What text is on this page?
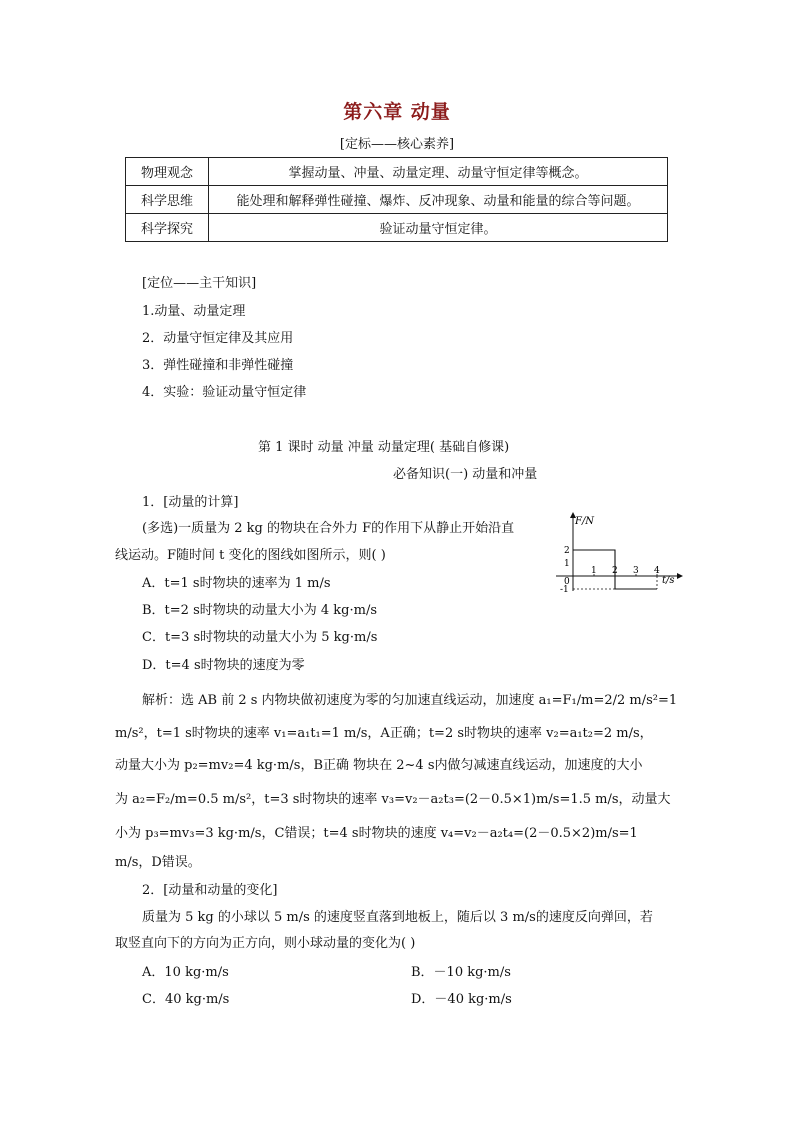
第六章 动量
[定标——核心素养]
物理观念	掌握动量、冲量、动量定理、动量守恒定律等概念。
科学思维	能处理和解释弹性碰撞、爆炸、反冲现象、动量和能量的综合等问题。
科学探究	验证动量守恒定律。
[定位——主干知识]
1.动量、动量定理
2．动量守恒定律及其应用
3．弹性碰撞和非弹性碰撞
4．实验：验证动量守恒定律
第 1 课时 动量 冲量 动量定理( 基础自修课)
必备知识(一) 动量和冲量
1．[动量的计算]
(多选)一质量为 2 kg 的物块在合外力 F的作用下从静止开始沿直
线运动。F随时间 t 变化的图线如图所示，则( )
A．t=1 s时物块的速率为 1 m/s
B．t=2 s时物块的动量大小为 4 kg·m/s
C．t=3 s时物块的动量大小为 5 kg·m/s
D．t=4 s时物块的速度为零
1 2 3 4
2
1
-1
F/N
t/s
0
解析：选 AB 前 2 s 内物块做初速度为零的匀加速直线运动，加速度 a₁=F₁/m=2/2 m/s²=1
m/s²，t=1 s时物块的速率 v₁=a₁t₁=1 m/s，A正确；t=2 s时物块的速率 v₂=a₁t₂=2 m/s，
动量大小为 p₂=mv₂=4 kg·m/s，B正确 物块在 2~4 s内做匀减速直线运动，加速度的大小
为 a₂=F₂/m=0.5 m/s²，t=3 s时物块的速率 v₃=v₂－a₂t₃=(2－0.5×1)m/s=1.5 m/s，动量大
小为 p₃=mv₃=3 kg·m/s，C错误；t=4 s时物块的速度 v₄=v₂－a₂t₄=(2－0.5×2)m/s=1
m/s，D错误。
2．[动量和动量的变化]
质量为 5 kg 的小球以 5 m/s 的速度竖直落到地板上，随后以 3 m/s的速度反向弹回，若
取竖直向下的方向为正方向，则小球动量的变化为( )
A．10 kg·m/s	B．－10 kg·m/s
C．40 kg·m/s	D．－40 kg·m/s
